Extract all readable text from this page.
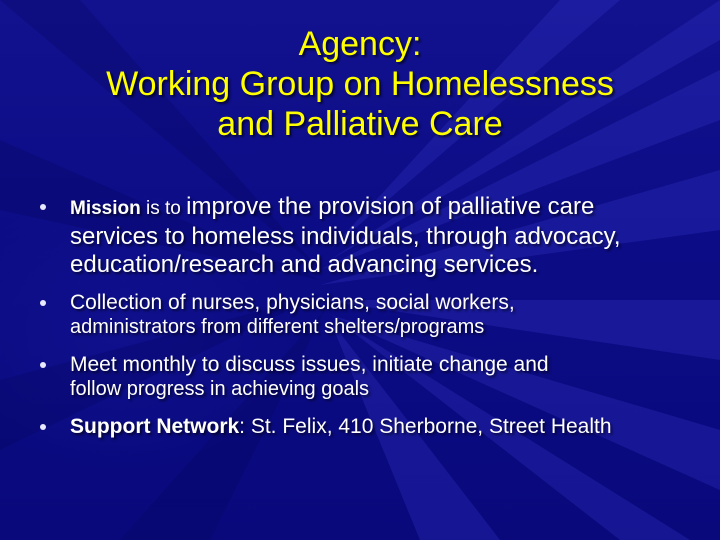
Agency:
Working Group on Homelessness
and Palliative Care
Mission is to improve the provision of palliative care services to homeless individuals, through advocacy, education/research and advancing services.
Collection of nurses, physicians, social workers,
administrators from different shelters/programs
Meet monthly to discuss issues, initiate change and
follow progress in achieving goals
Support Network: St. Felix, 410 Sherborne, Street Health
